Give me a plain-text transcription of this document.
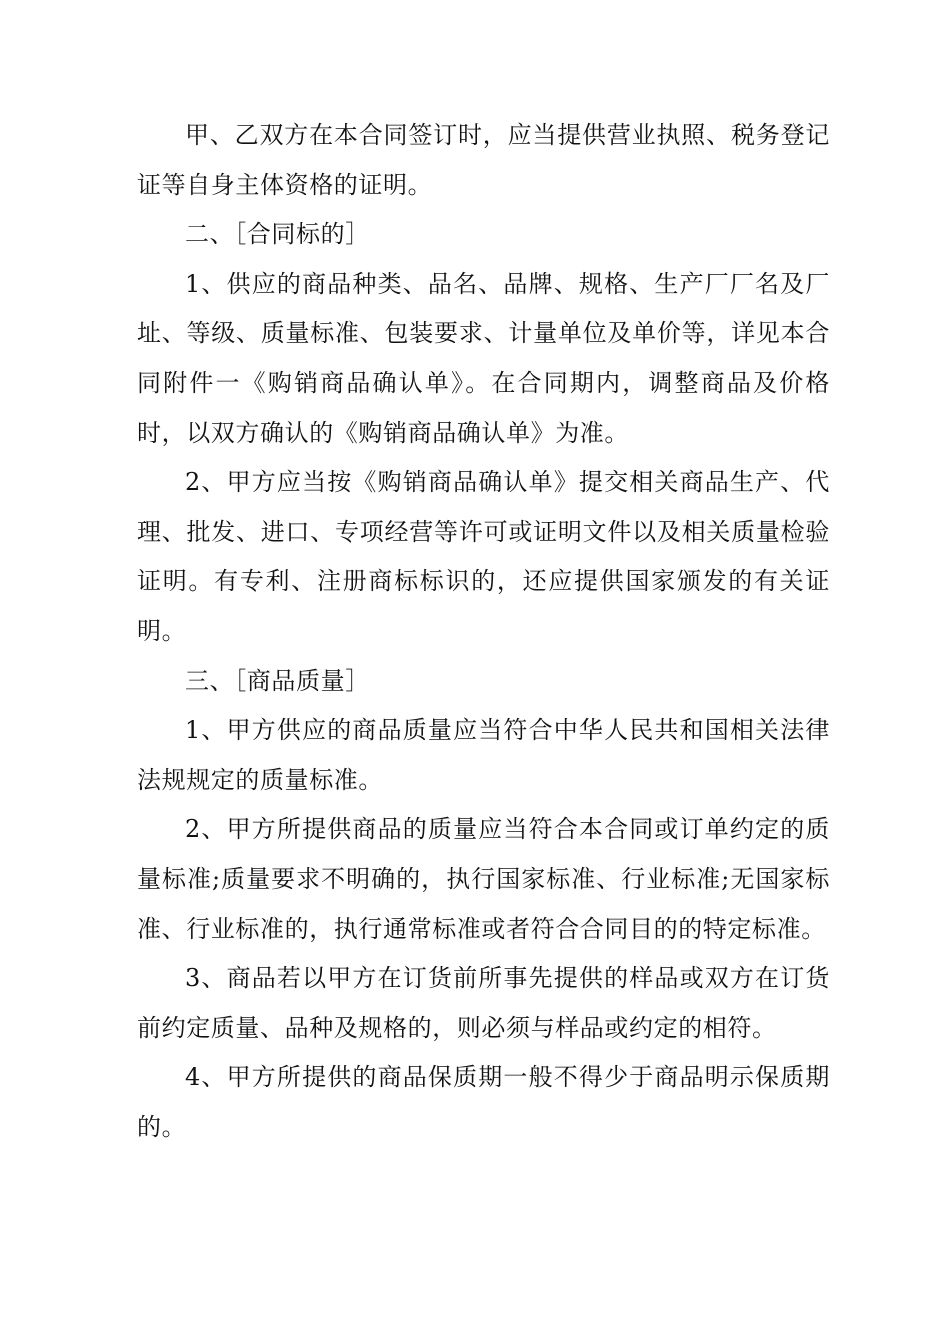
甲、乙双方在本合同签订时，应当提供营业执照、税务登记证等自身主体资格的证明。

二、［合同标的］

1、供应的商品种类、品名、品牌、规格、生产厂厂名及厂址、等级、质量标准、包装要求、计量单位及单价等，详见本合同附件一《购销商品确认单》。在合同期内，调整商品及价格时，以双方确认的《购销商品确认单》为准。

2、甲方应当按《购销商品确认单》提交相关商品生产、代理、批发、进口、专项经营等许可或证明文件以及相关质量检验证明。有专利、注册商标标识的，还应提供国家颁发的有关证明。

三、［商品质量］

1、甲方供应的商品质量应当符合中华人民共和国相关法律法规规定的质量标准。

2、甲方所提供商品的质量应当符合本合同或订单约定的质量标准;质量要求不明确的，执行国家标准、行业标准;无国家标准、行业标准的，执行通常标准或者符合合同目的的特定标准。

3、商品若以甲方在订货前所事先提供的样品或双方在订货前约定质量、品种及规格的，则必须与样品或约定的相符。

4、甲方所提供的商品保质期一般不得少于商品明示保质期的。
